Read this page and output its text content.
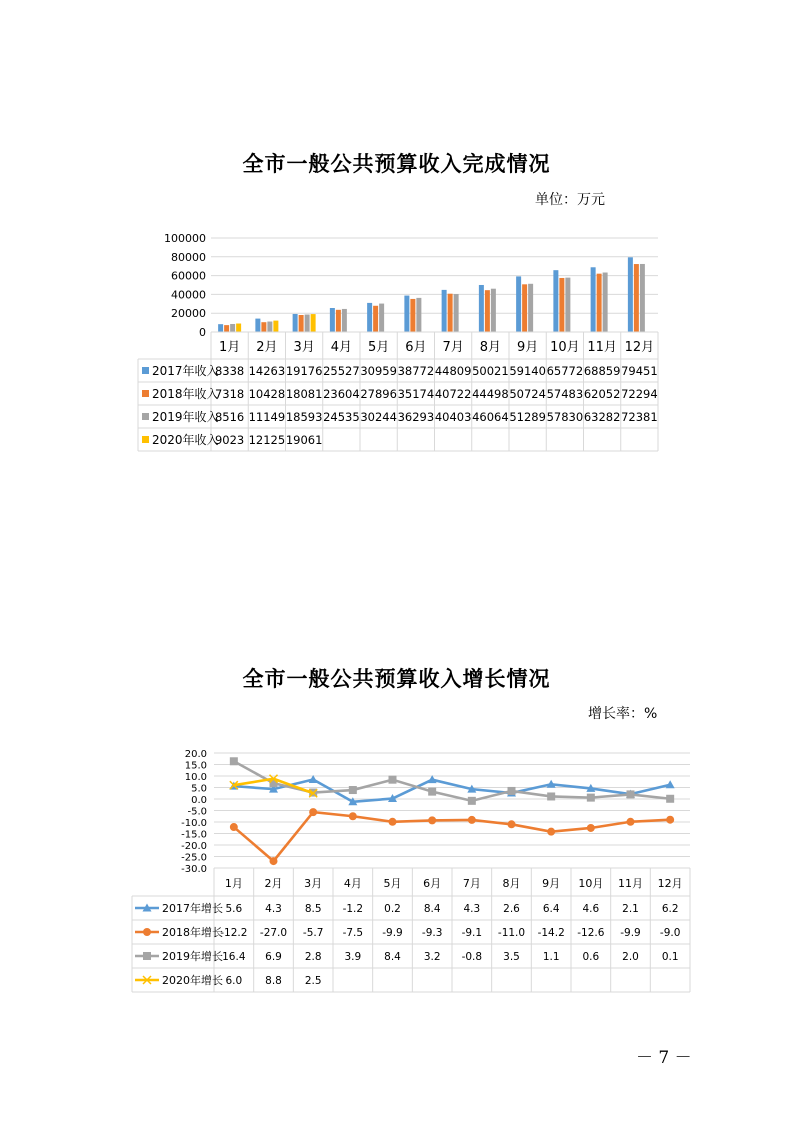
全市一般公共预算收入完成情况
单位：万元
0
20000
40000
60000
80000
100000
1月 2月 3月 4月 5月 6月 7月 8月 9月 10月 11月 12月
2017年收入
8338 14263 19176 25527 30959 38772 44809 50021 59140 65772 68859 79451
2018年收入
7318 10428 18081 23604 27896 35174 40722 44498 50724 57483 62052 72294
2019年收入
8516 11149 18593 24535 30244 36293 40403 46064 51289 57830 63282 72381
2020年收入
9023 12125 19061
20.0
15.0
10.0
5.0
0.0
-5.0
-10.0
-15.0
-20.0
-25.0
-30.0
1月 2月 3月 4月 5月 6月 7月 8月 9月 10月 11月 12月
2017年增长 5.6 4.3 8.5 -1.2 0.2 8.4 4.3 2.6 6.4 4.6 2.1 6.2
2018年增长
-12.2 -27.0 -5.7 -7.5 -9.9 -9.3 -9.1 -11.0 -14.2 -12.6 -9.9 -9.0
2019年增长 16.4 6.9 2.8 3.9 8.4 3.2 -0.8 3.5 1.1 0.6 2.0 0.1
2020年增长 6.0 8.8 2.5
全市一般公共预算收入增长情况
增长率：%
－ 7 －
